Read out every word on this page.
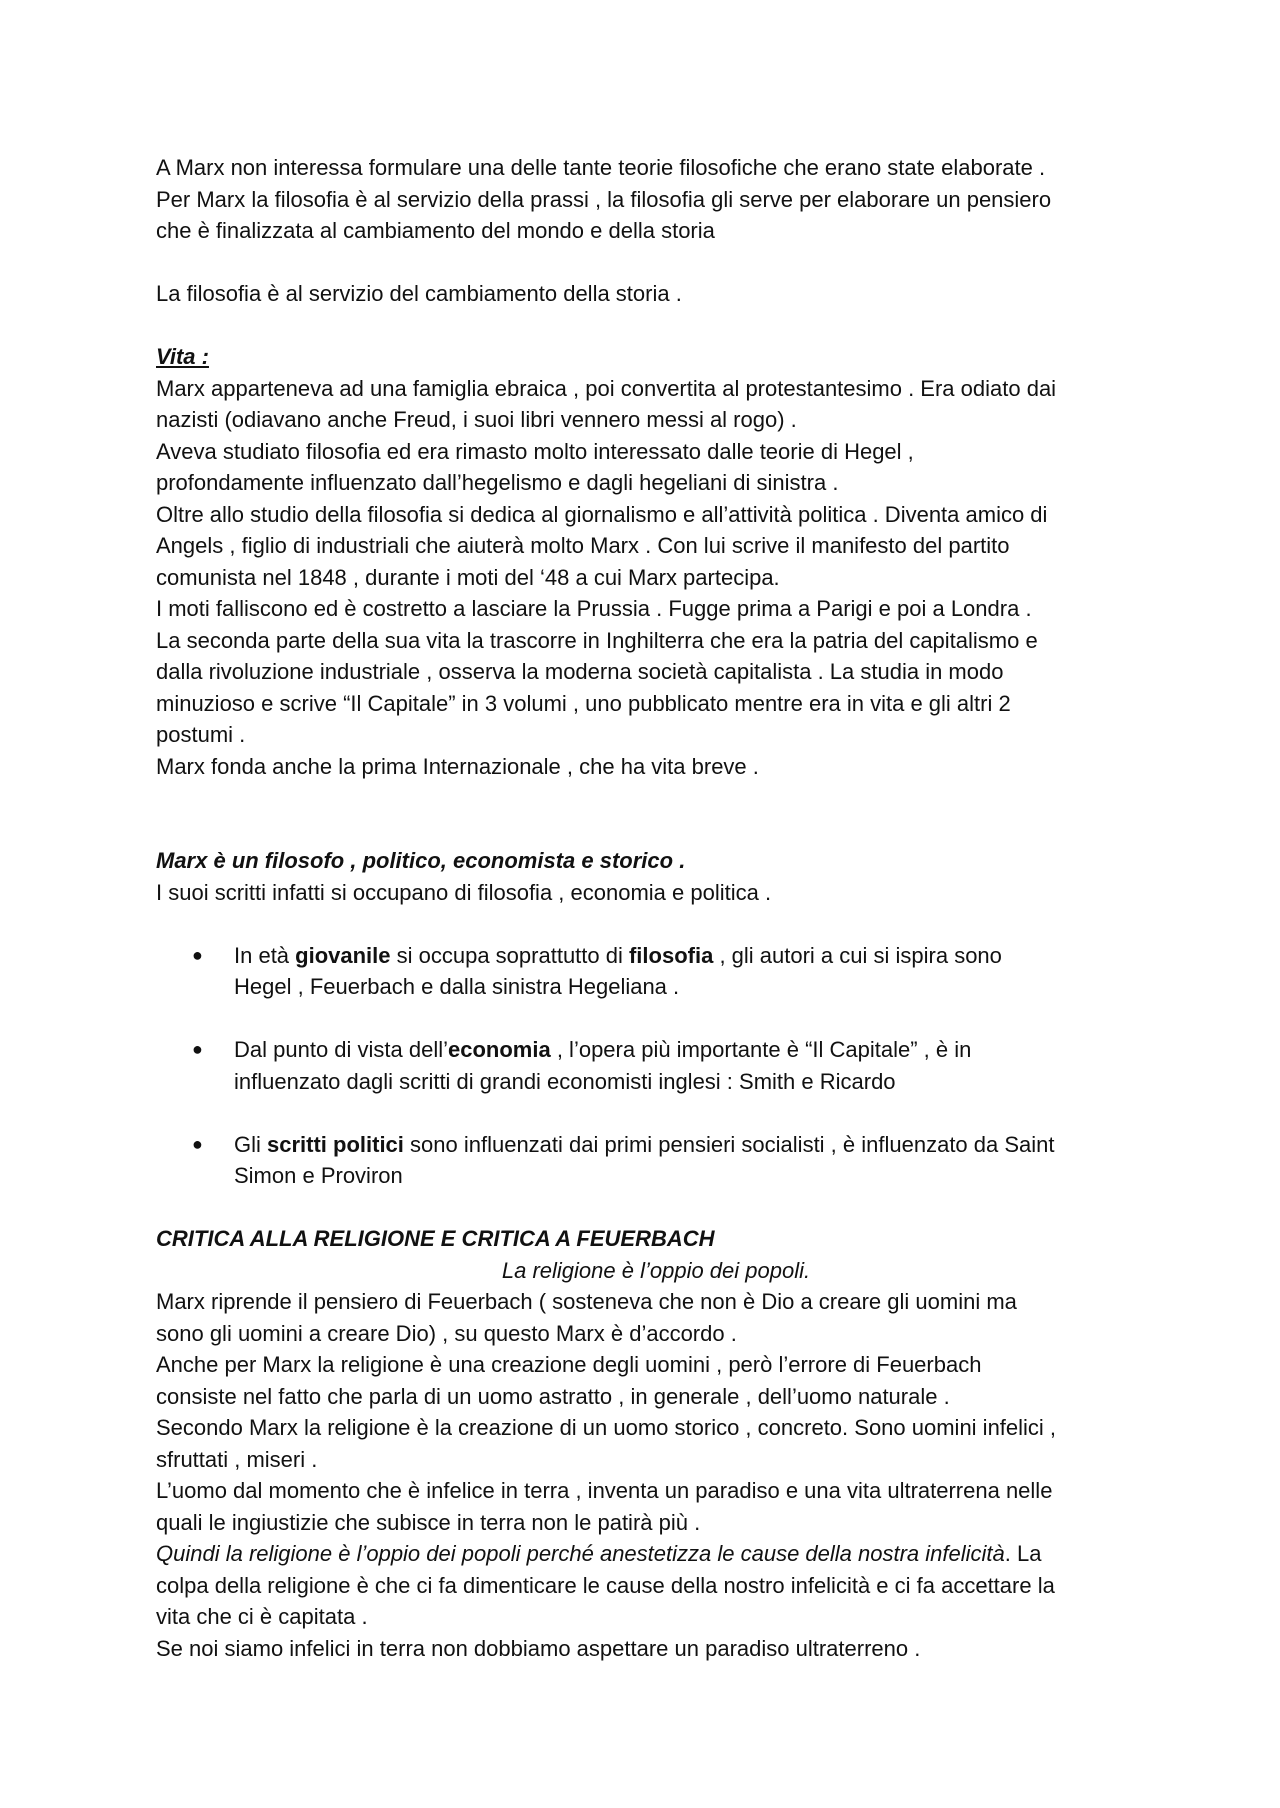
A Marx non interessa formulare una delle tante teorie filosofiche che erano state elaborate .

Per Marx la filosofia è al servizio della prassi , la filosofia gli serve per elaborare un pensiero

che è finalizzata al cambiamento del mondo e della storia

La filosofia è al servizio del cambiamento della storia .

Vita :

Marx apparteneva ad una famiglia ebraica , poi convertita al protestantesimo . Era odiato dai

nazisti (odiavano anche Freud, i suoi libri vennero messi al rogo) .

Aveva studiato filosofia ed era rimasto molto interessato dalle teorie di Hegel ,

profondamente influenzato dall’hegelismo e dagli hegeliani di sinistra .

Oltre allo studio della filosofia si dedica al giornalismo e all’attività politica . Diventa amico di

Angels , figlio di industriali che aiuterà molto Marx . Con lui scrive il manifesto del partito

comunista nel 1848 , durante i moti del ‘48 a cui Marx partecipa.

I moti falliscono ed è costretto a lasciare la Prussia . Fugge prima a Parigi e poi a Londra .

La seconda parte della sua vita la trascorre in Inghilterra che era la patria del capitalismo e

dalla rivoluzione industriale , osserva la moderna società capitalista . La studia in modo

minuzioso e scrive “Il Capitale” in 3 volumi , uno pubblicato mentre era in vita e gli altri 2

postumi .

Marx fonda anche la prima Internazionale , che ha vita breve .

Marx è un filosofo , politico, economista e storico .

I suoi scritti infatti si occupano di filosofia , economia e politica .

● In età giovanile si occupa soprattutto di filosofia , gli autori a cui si ispira sono

Hegel , Feuerbach e dalla sinistra Hegeliana .

● Dal punto di vista dell’economia , l’opera più importante è “Il Capitale” , è in

influenzato dagli scritti di grandi economisti inglesi : Smith e Ricardo

● Gli scritti politici sono influenzati dai primi pensieri socialisti , è influenzato da Saint

Simon e Proviron

CRITICA ALLA RELIGIONE E CRITICA A FEUERBACH

La religione è l’oppio dei popoli.

Marx riprende il pensiero di Feuerbach ( sosteneva che non è Dio a creare gli uomini ma

sono gli uomini a creare Dio) , su questo Marx è d’accordo .

Anche per Marx la religione è una creazione degli uomini , però l’errore di Feuerbach

consiste nel fatto che parla di un uomo astratto , in generale , dell’uomo naturale .

Secondo Marx la religione è la creazione di un uomo storico , concreto. Sono uomini infelici ,

sfruttati , miseri .

L’uomo dal momento che è infelice in terra , inventa un paradiso e una vita ultraterrena nelle

quali le ingiustizie che subisce in terra non le patirà più .

Quindi la religione è l’oppio dei popoli perché anestetizza le cause della nostra infelicità. La

colpa della religione è che ci fa dimenticare le cause della nostro infelicità e ci fa accettare la

vita che ci è capitata .

Se noi siamo infelici in terra non dobbiamo aspettare un paradiso ultraterreno .
